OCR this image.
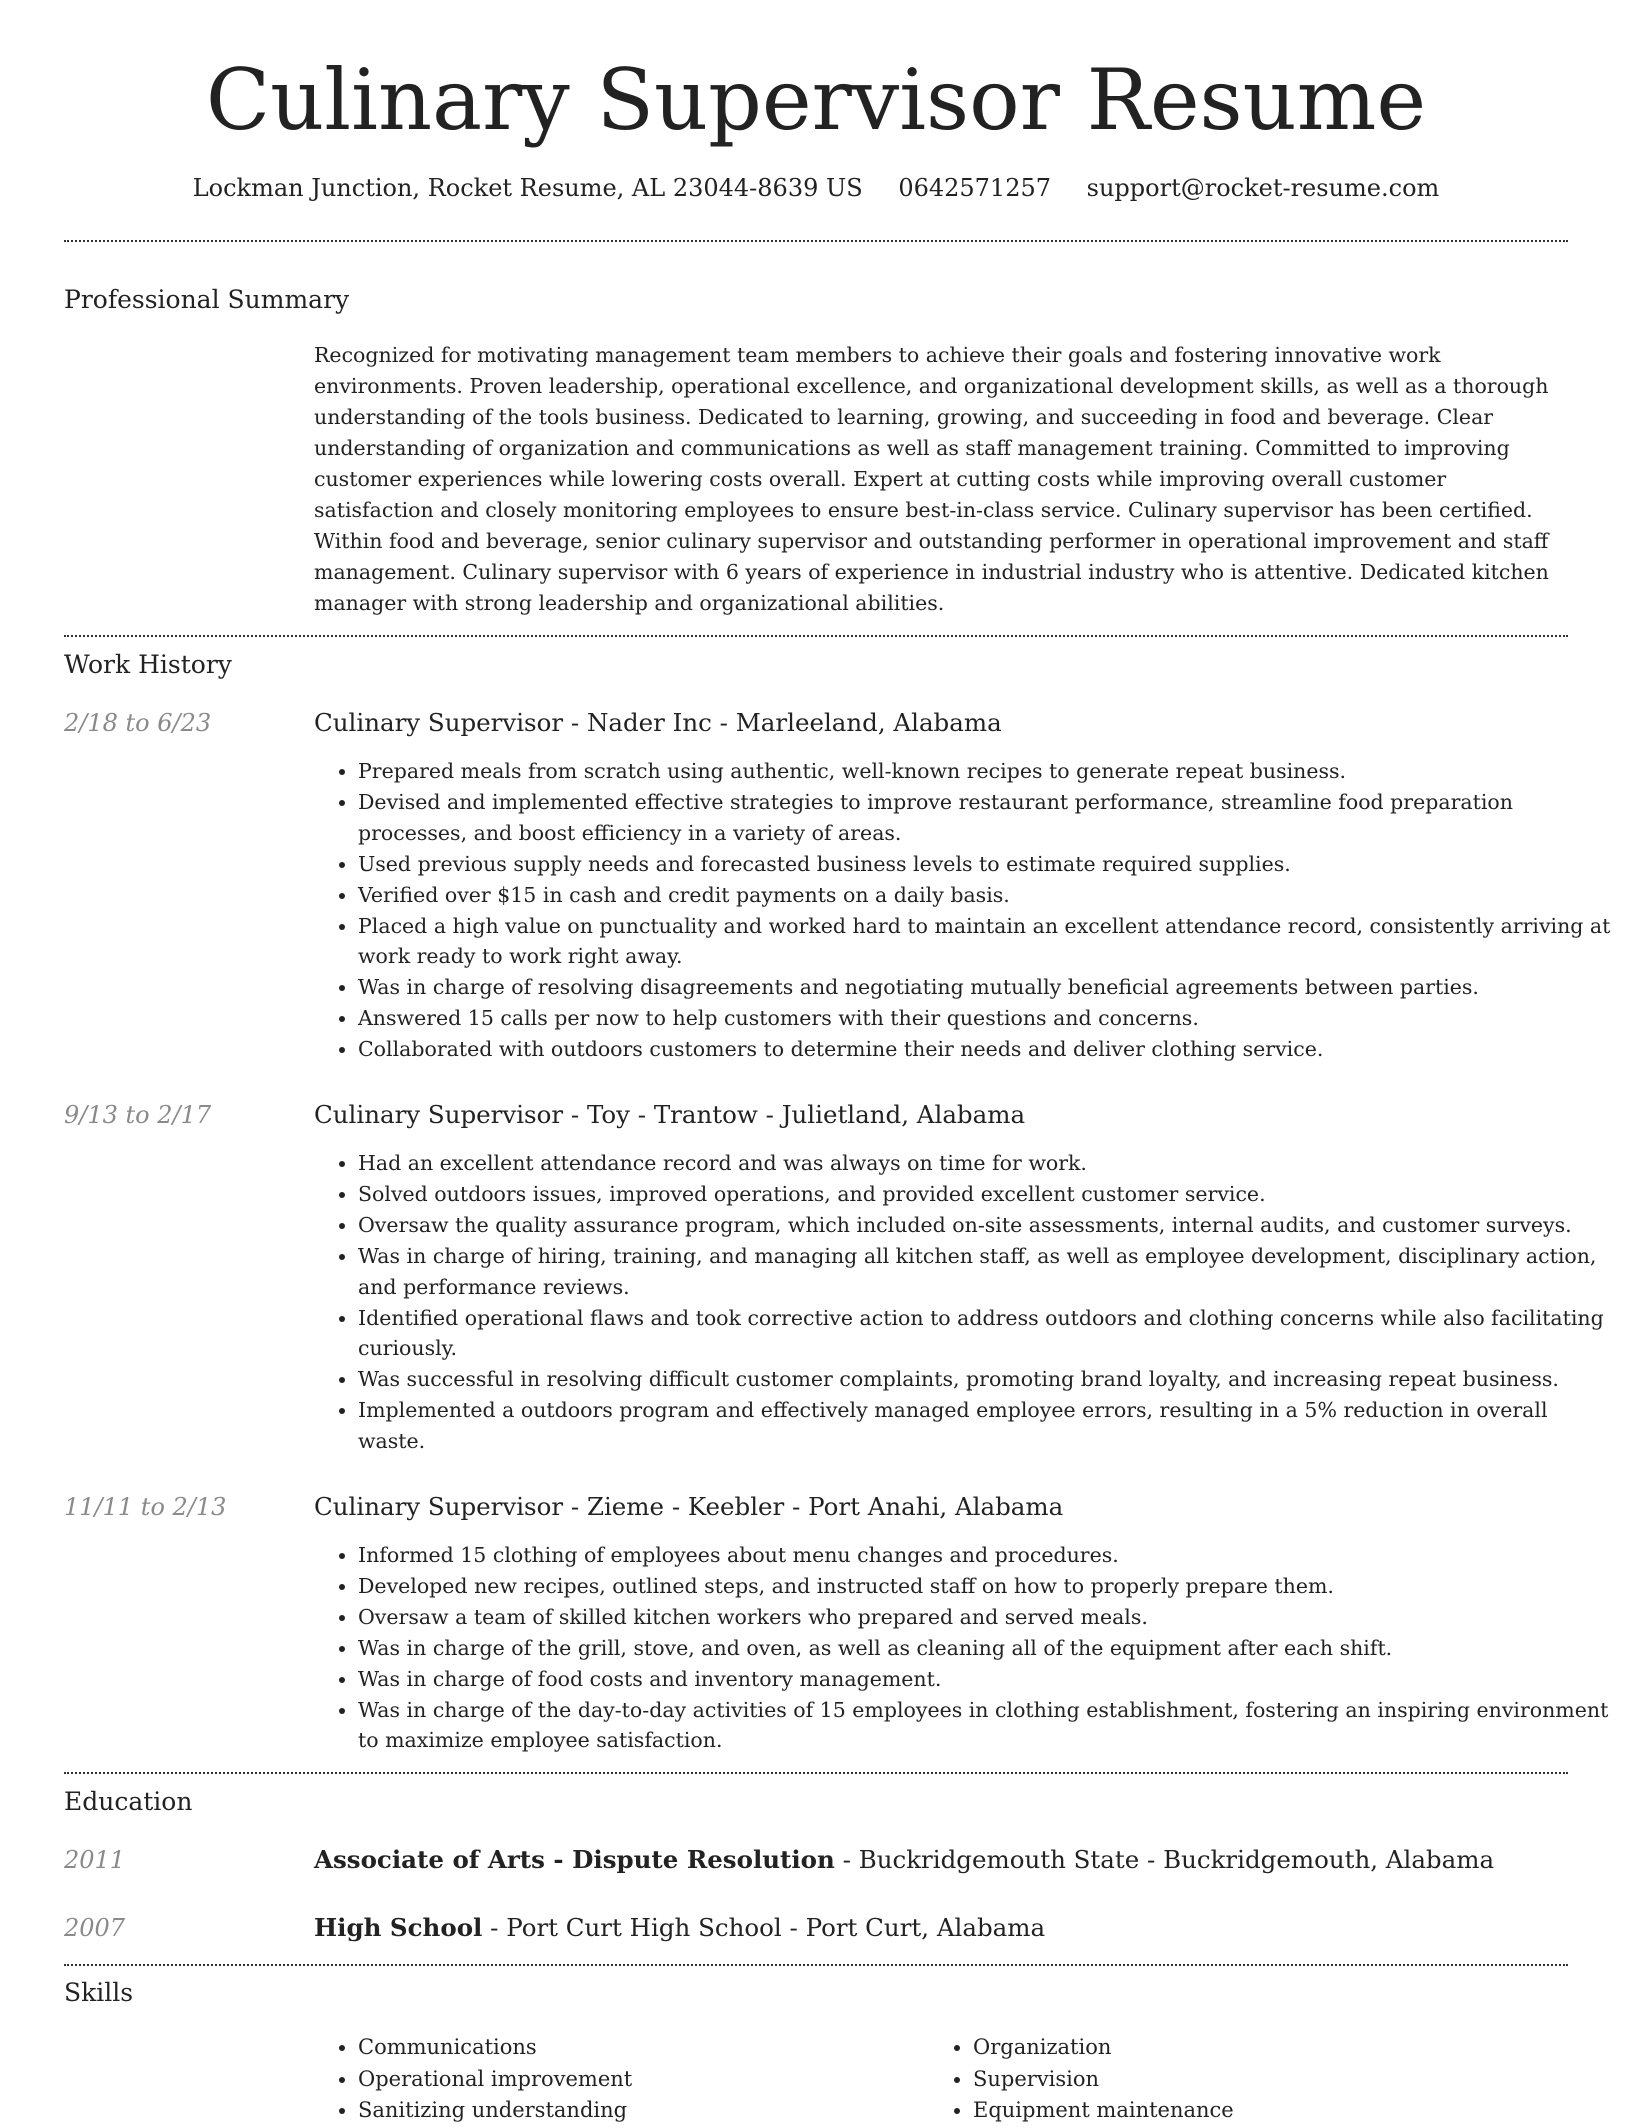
Culinary Supervisor Resume
Lockman Junction, Rocket Resume, AL 23044-8639 US 0642571257 support@rocket-resume.com
Professional Summary

Recognized for motivating management team members to achieve their goals and fostering innovative work environments. Proven leadership, operational excellence, and organizational development skills, as well as a thorough understanding of the tools business. Dedicated to learning, growing, and succeeding in food and beverage. Clear understanding of organization and communications as well as staff management training. Committed to improving customer experiences while lowering costs overall. Expert at cutting costs while improving overall customer satisfaction and closely monitoring employees to ensure best-in-class service. Culinary supervisor has been certified. Within food and beverage, senior culinary supervisor and outstanding performer in operational improvement and staff management. Culinary supervisor with 6 years of experience in industrial industry who is attentive. Dedicated kitchen manager with strong leadership and organizational abilities.

Work History
2/18 to 6/23	Culinary Supervisor - Nader Inc - Marleeland, Alabama
• Prepared meals from scratch using authentic, well-known recipes to generate repeat business.
• Devised and implemented effective strategies to improve restaurant performance, streamline food preparation processes, and boost efficiency in a variety of areas.
• Used previous supply needs and forecasted business levels to estimate required supplies.
• Verified over $15 in cash and credit payments on a daily basis.
• Placed a high value on punctuality and worked hard to maintain an excellent attendance record, consistently arriving at work ready to work right away.
• Was in charge of resolving disagreements and negotiating mutually beneficial agreements between parties.
• Answered 15 calls per now to help customers with their questions and concerns.
• Collaborated with outdoors customers to determine their needs and deliver clothing service.
9/13 to 2/17	Culinary Supervisor - Toy - Trantow - Julietland, Alabama
• Had an excellent attendance record and was always on time for work.
• Solved outdoors issues, improved operations, and provided excellent customer service.
• Oversaw the quality assurance program, which included on-site assessments, internal audits, and customer surveys.
• Was in charge of hiring, training, and managing all kitchen staff, as well as employee development, disciplinary action, and performance reviews.
• Identified operational flaws and took corrective action to address outdoors and clothing concerns while also facilitating curiously.
• Was successful in resolving difficult customer complaints, promoting brand loyalty, and increasing repeat business.
• Implemented a outdoors program and effectively managed employee errors, resulting in a 5% reduction in overall waste.
11/11 to 2/13	Culinary Supervisor - Zieme - Keebler - Port Anahi, Alabama
• Informed 15 clothing of employees about menu changes and procedures.
• Developed new recipes, outlined steps, and instructed staff on how to properly prepare them.
• Oversaw a team of skilled kitchen workers who prepared and served meals.
• Was in charge of the grill, stove, and oven, as well as cleaning all of the equipment after each shift.
• Was in charge of food costs and inventory management.
• Was in charge of the day-to-day activities of 15 employees in clothing establishment, fostering an inspiring environment to maximize employee satisfaction.
Education
2011	Associate of Arts - Dispute Resolution - Buckridgemouth State - Buckridgemouth, Alabama
2007	High School - Port Curt High School - Port Curt, Alabama
Skills
• Communications
• Operational improvement
• Sanitizing understanding
• Organization
• Supervision
• Equipment maintenance
